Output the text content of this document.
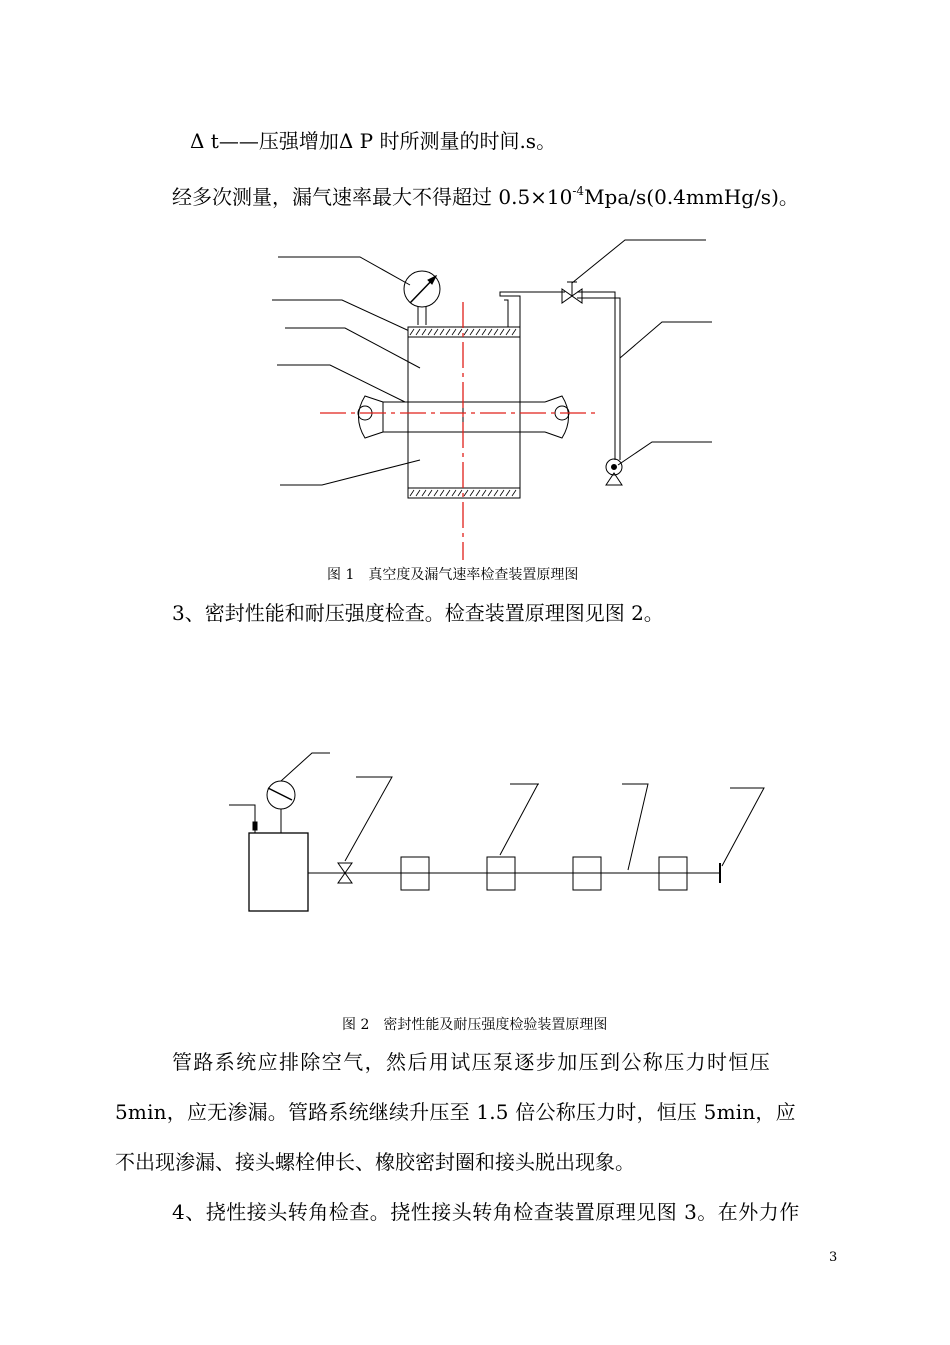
Δ t——压强增加Δ P 时所测量的时间.s。
经多次测量，漏气速率最大不得超过 $0.5\times 10^{-4}Mpa/s(0.4mmHg/s)$。
图 1　真空度及漏气速率检查装置原理图
3、密封性能和耐压强度检查。检查装置原理图见图 2。
图 2　密封性能及耐压强度检验装置原理图
管路系统应排除空气，然后用试压泵逐步加压到公称压力时恒压
5min，应无渗漏。管路系统继续升压至 1.5 倍公称压力时，恒压 5min，应
不出现渗漏、接头螺栓伸长、橡胶密封圈和接头脱出现象。
4、挠性接头转角检查。挠性接头转角检查装置原理见图 3。在外力作
3
